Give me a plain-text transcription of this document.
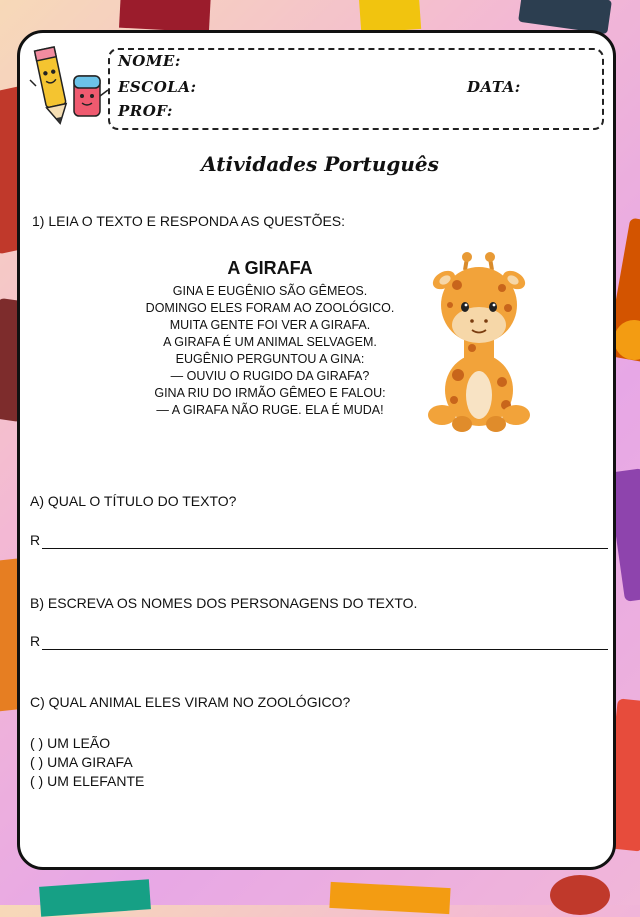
NOME:
ESCOLA:
PROF:
DATA:
Atividades Português
1) LEIA O TEXTO E RESPONDA AS QUESTÕES:
A GIRAFA
GINA E EUGÊNIO SÃO GÊMEOS.
DOMINGO ELES FORAM AO ZOOLÓGICO.
MUITA GENTE FOI VER A GIRAFA.
A GIRAFA É UM ANIMAL SELVAGEM.
EUGÊNIO PERGUNTOU A GINA:
— OUVIU O RUGIDO DA GIRAFA?
GINA RIU DO IRMÃO GÊMEO E FALOU:
— A GIRAFA NÃO RUGE. ELA É MUDA!
A) QUAL O TÍTULO DO TEXTO?
R
B) ESCREVA OS NOMES DOS PERSONAGENS DO TEXTO.
R
C) QUAL ANIMAL ELES VIRAM NO ZOOLÓGICO?
( ) UM LEÃO
( ) UMA GIRAFA
( ) UM ELEFANTE
